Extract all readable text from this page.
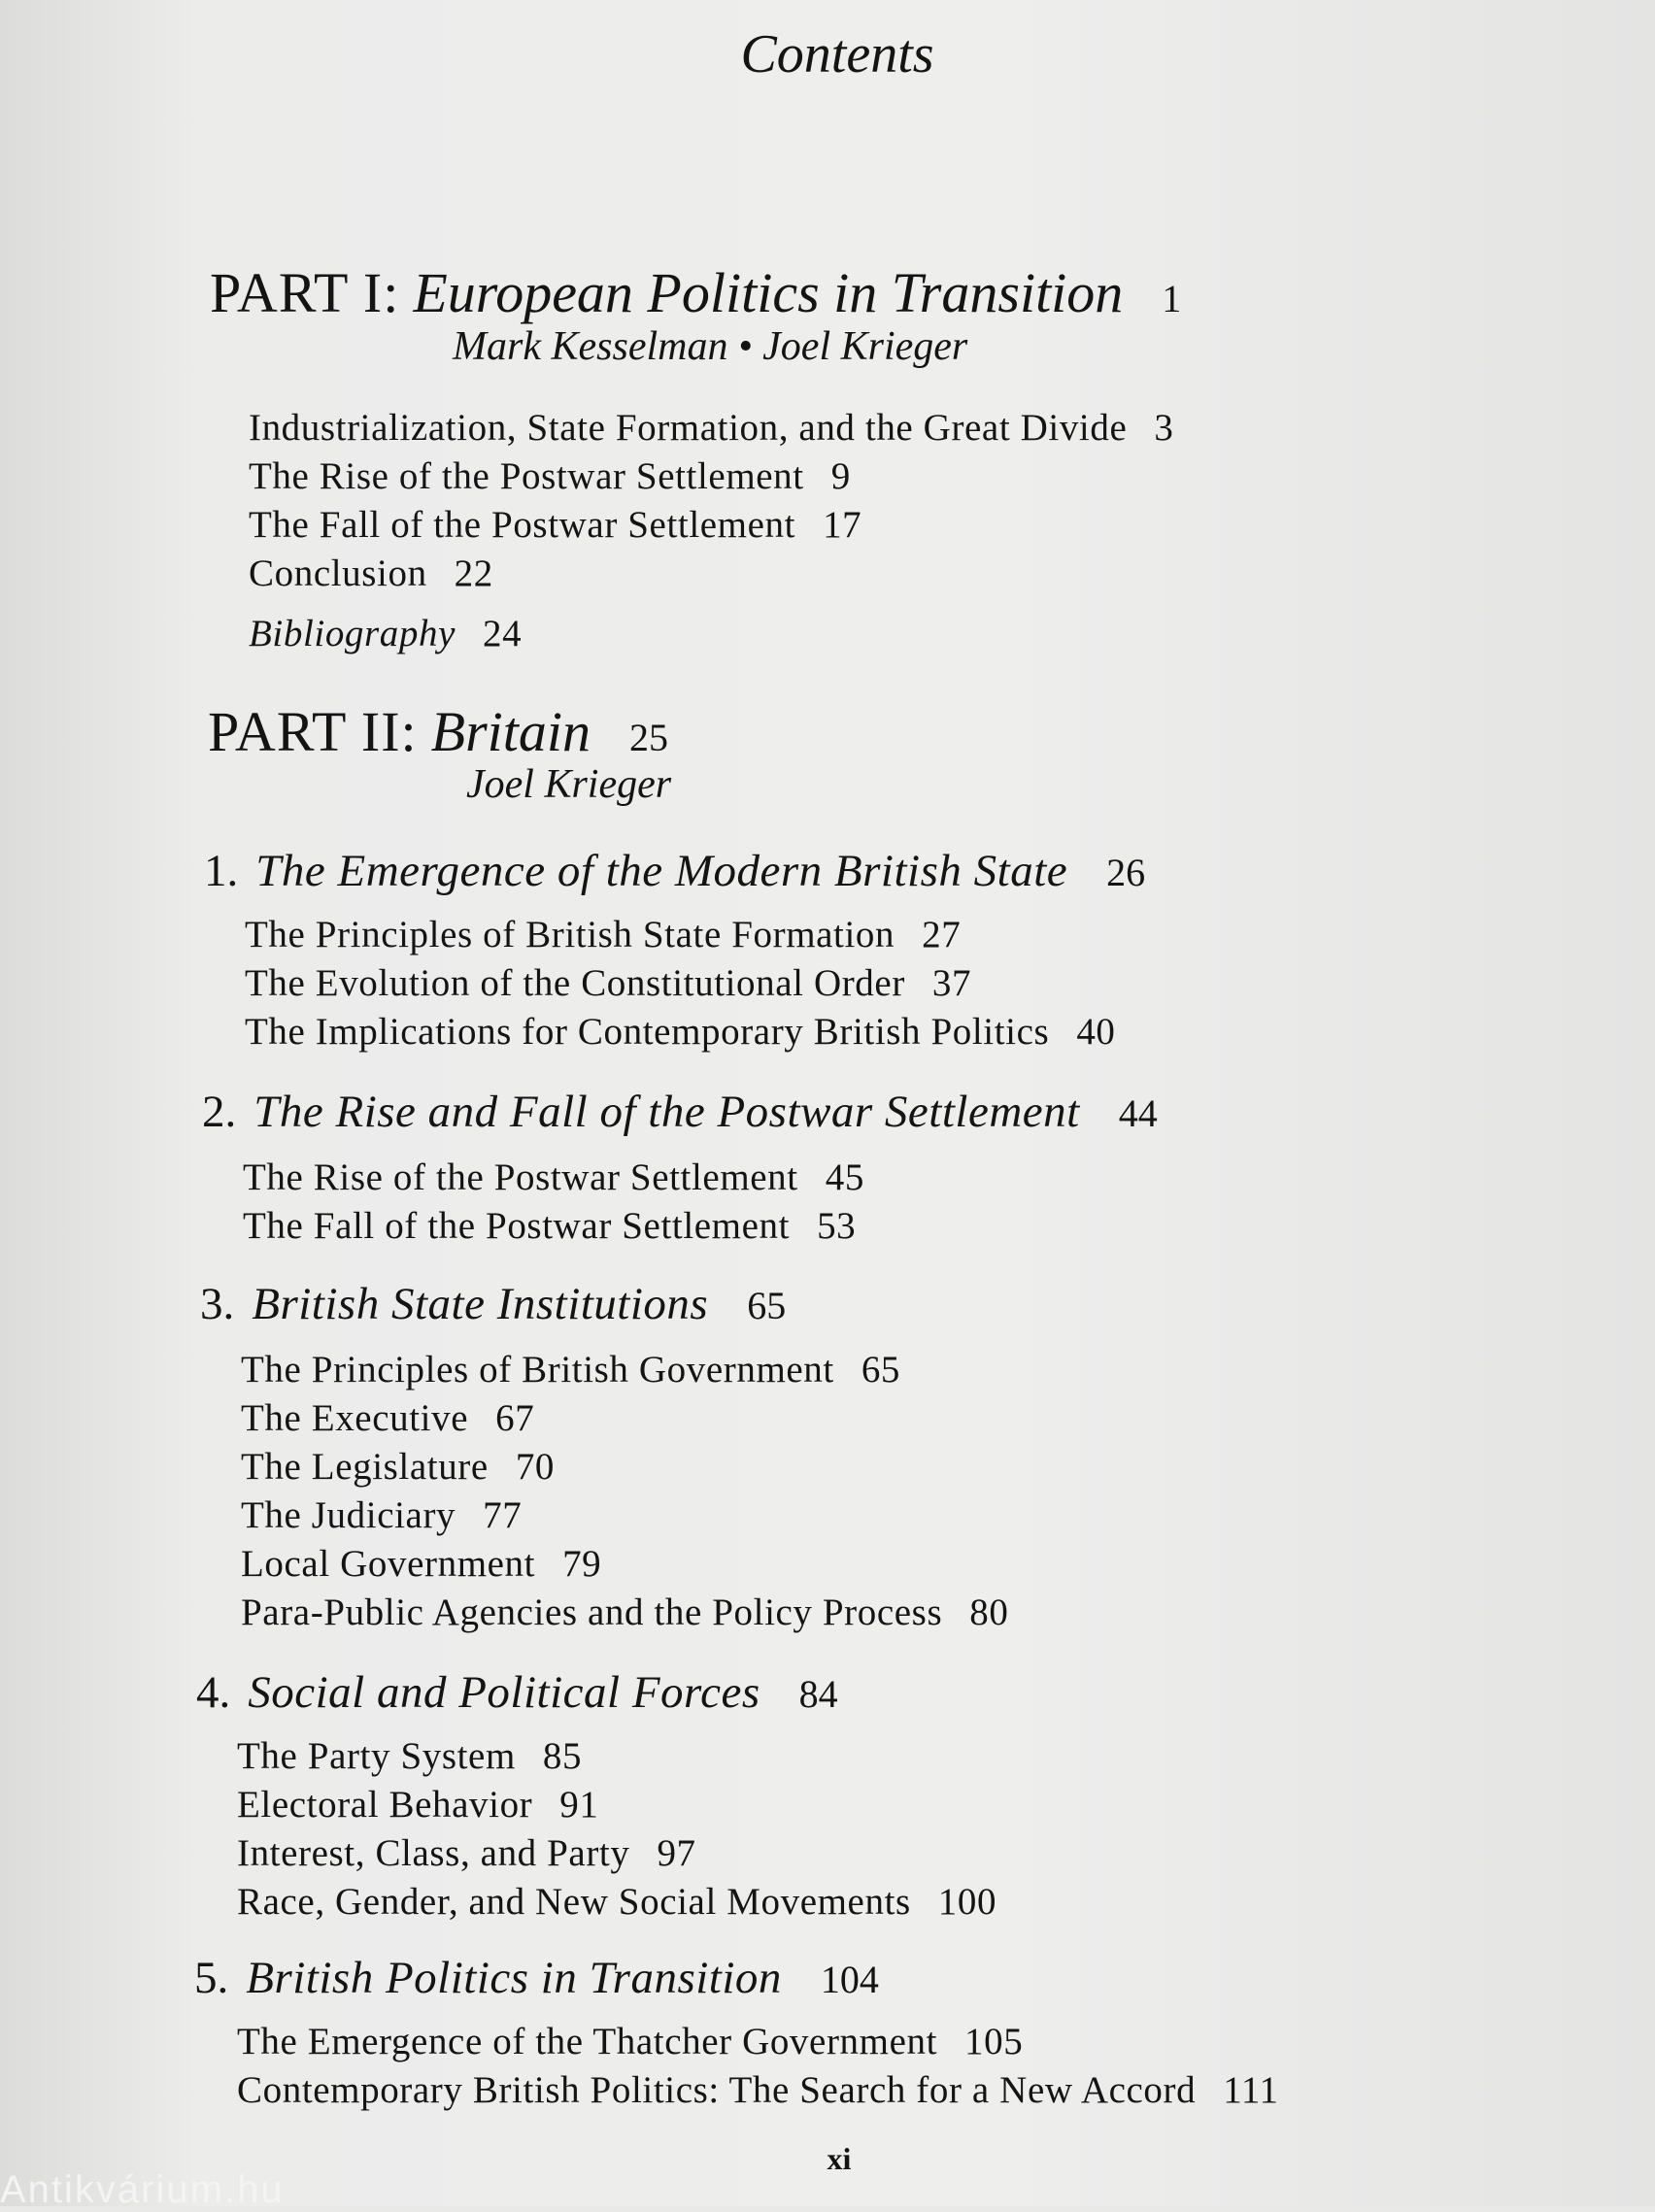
Contents
PART I: European Politics in Transition 1
Mark Kesselman • Joel Krieger
Industrialization, State Formation, and the Great Divide 3
The Rise of the Postwar Settlement 9
The Fall of the Postwar Settlement 17
Conclusion 22
Bibliography 24
PART II: Britain 25
Joel Krieger
1. The Emergence of the Modern British State 26
The Principles of British State Formation 27
The Evolution of the Constitutional Order 37
The Implications for Contemporary British Politics 40
2. The Rise and Fall of the Postwar Settlement 44
The Rise of the Postwar Settlement 45
The Fall of the Postwar Settlement 53
3. British State Institutions 65
The Principles of British Government 65
The Executive 67
The Legislature 70
The Judiciary 77
Local Government 79
Para-Public Agencies and the Policy Process 80
4. Social and Political Forces 84
The Party System 85
Electoral Behavior 91
Interest, Class, and Party 97
Race, Gender, and New Social Movements 100
5. British Politics in Transition 104
The Emergence of the Thatcher Government 105
Contemporary British Politics: The Search for a New Accord 111
xi
Antikvárium.hu
